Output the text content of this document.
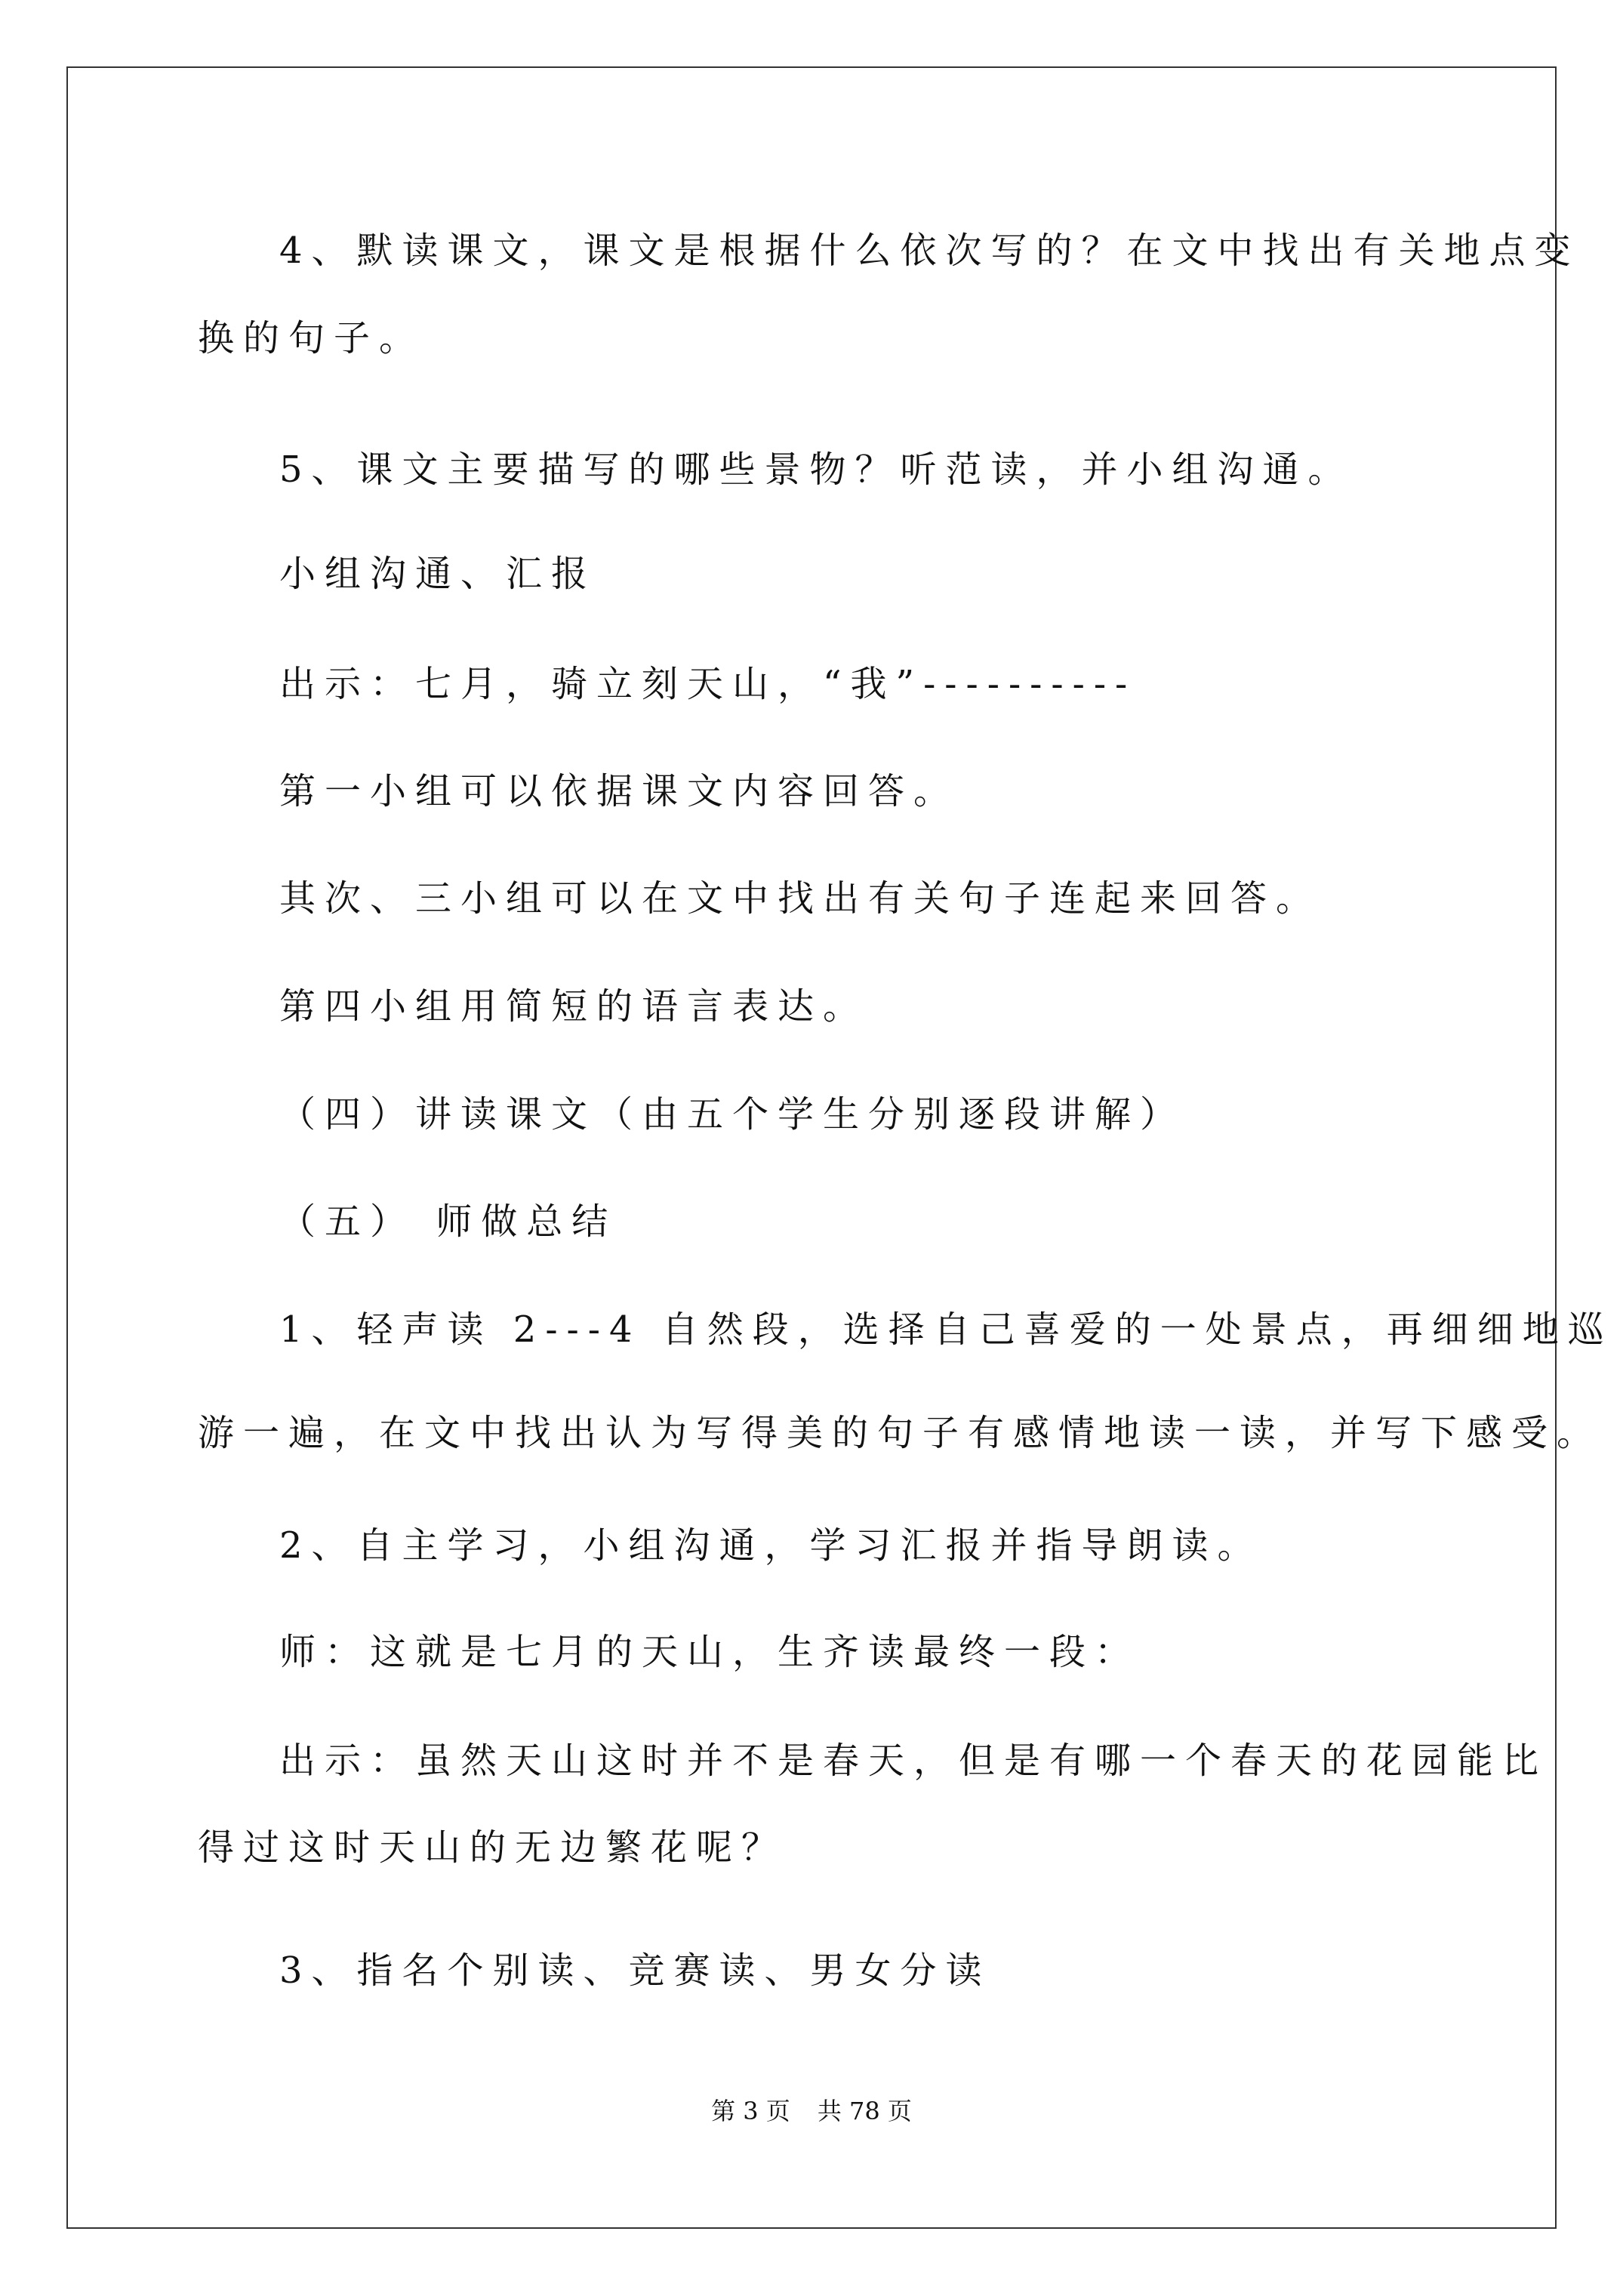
4、默读课文，课文是根据什么依次写的？在文中找出有关地点变
换的句子。
5、课文主要描写的哪些景物？听范读，并小组沟通。
小组沟通、汇报
出示：七月，骑立刻天山，“我”----------
第一小组可以依据课文内容回答。
其次、三小组可以在文中找出有关句子连起来回答。
第四小组用简短的语言表达。
（四）讲读课文（由五个学生分别逐段讲解）
（五） 师做总结
1、轻声读 2---4 自然段，选择自己喜爱的一处景点，再细细地巡
游一遍，在文中找出认为写得美的句子有感情地读一读，并写下感受。
2、自主学习，小组沟通，学习汇报并指导朗读。
师：这就是七月的天山，生齐读最终一段：
出示：虽然天山这时并不是春天，但是有哪一个春天的花园能比
得过这时天山的无边繁花呢？
3、指名个别读、竞赛读、男女分读
第 3 页 共 78 页
